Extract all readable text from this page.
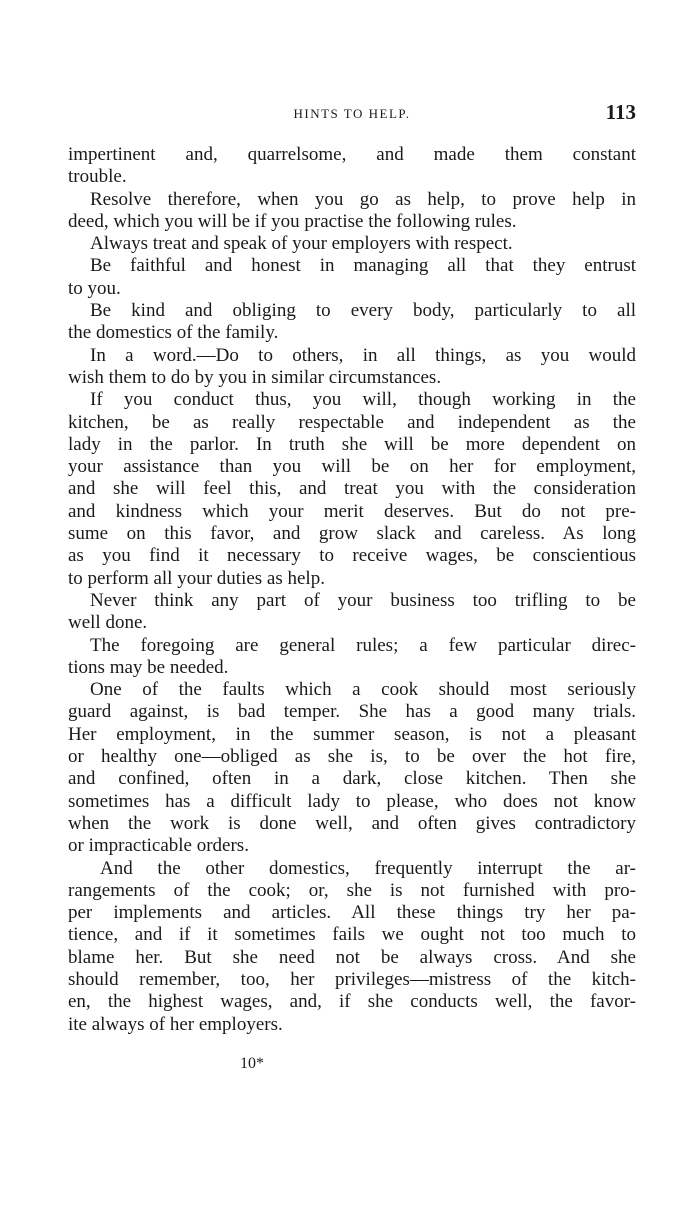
HINTS TO HELP.	113
impertinent and, quarrelsome, and made them constant
trouble.
Resolve therefore, when you go as help, to prove help in
deed, which you will be if you practise the following rules.
Always treat and speak of your employers with respect.
Be faithful and honest in managing all that they entrust
to you.
Be kind and obliging to every body, particularly to all
the domestics of the family.
In a word.—Do to others, in all things, as you would
wish them to do by you in similar circumstances.
If you conduct thus, you will, though working in the
kitchen, be as really respectable and independent as the
lady in the parlor. In truth she will be more dependent on
your assistance than you will be on her for employment,
and she will feel this, and treat you with the consideration
and kindness which your merit deserves. But do not pre-
sume on this favor, and grow slack and careless. As long
as you find it necessary to receive wages, be conscientious
to perform all your duties as help.
Never think any part of your business too trifling to be
well done.
The foregoing are general rules; a few particular direc-
tions may be needed.
One of the faults which a cook should most seriously
guard against, is bad temper. She has a good many trials.
Her employment, in the summer season, is not a pleasant
or healthy one—obliged as she is, to be over the hot fire,
and confined, often in a dark, close kitchen. Then she
sometimes has a difficult lady to please, who does not know
when the work is done well, and often gives contradictory
or impracticable orders.
And the other domestics, frequently interrupt the ar-
rangements of the cook; or, she is not furnished with pro-
per implements and articles. All these things try her pa-
tience, and if it sometimes fails we ought not too much to
blame her. But she need not be always cross. And she
should remember, too, her privileges—mistress of the kitch-
en, the highest wages, and, if she conducts well, the favor-
ite always of her employers.
10*
